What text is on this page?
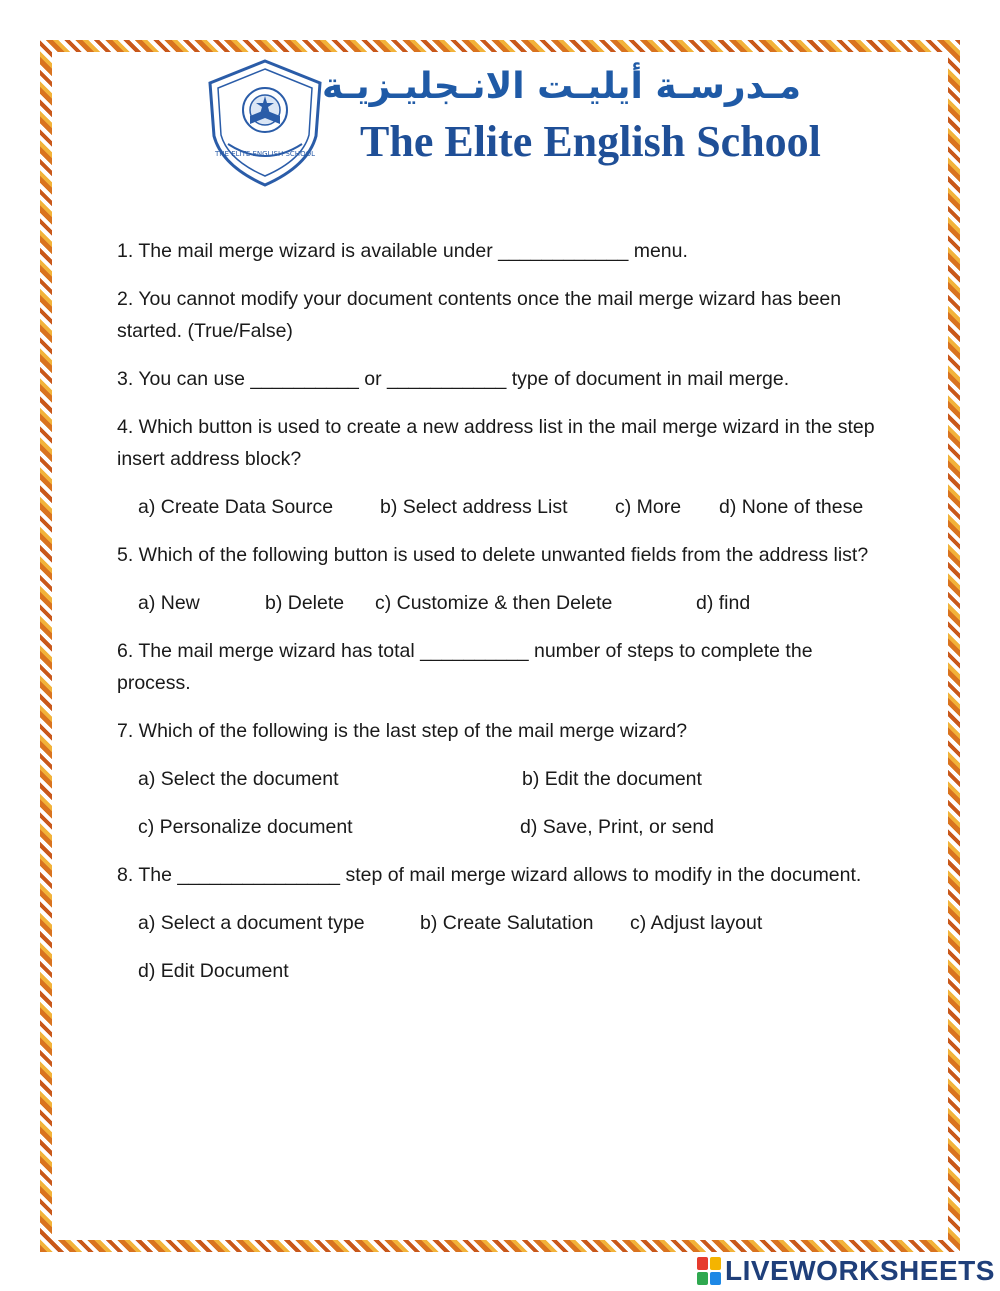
THE ELITE ENGLISH SCHOOL
مـدرسـة أيليـت الانـجليـزيـة
The Elite English School

1. The mail merge wizard is available under ____________ menu.

2. You cannot modify your document contents once the mail merge wizard has been started. (True/False)

3. You can use __________ or ___________ type of document in mail merge.

4. Which button is used to create a new address list in the mail merge wizard in the step insert address block?

a) Create Data Source b) Select address List c) More d) None of these

5. Which of the following button is used to delete unwanted fields from the address list?

a) New	b) Delete c) Customize & then Delete	d) find

6. The mail merge wizard has total __________ number of steps to complete the process.

7. Which of the following is the last step of the mail merge wizard?

a) Select the document	b) Edit the document
c) Personalize document	d) Save, Print, or send

8. The _______________ step of mail merge wizard allows to modify in the document.

a) Select a document type	b) Create Salutation c) Adjust layout
d) Edit Document
LIVEWORKSHEETS
